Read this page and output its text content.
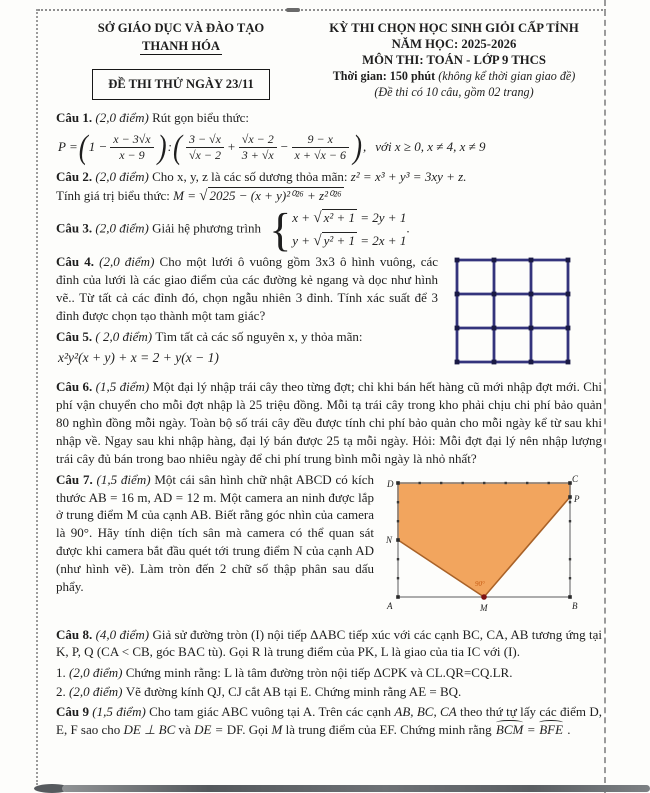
SỞ GIÁO DỤC VÀ ĐÀO TẠO
THANH HÓA
ĐỀ THI THỬ NGÀY 23/11
KỲ THI CHỌN HỌC SINH GIỎI CẤP TỈNH
NĂM HỌC: 2025-2026
MÔN THI: TOÁN - LỚP 9 THCS
Thời gian: 150 phút (không kể thời gian giao đề)
(Đề thi có 10 câu, gồm 02 trang)

Câu 1. (2,0 điểm) Rút gọn biểu thức:

P = ( $1 - \frac{x - 3√x}{x - 9}$ ) : ( $\frac{3 - √x}{√x - 2} + \frac{√x - 2}{3 + √x} - \frac{9 - x}{x + √x - 6}$ ) , với x ≥ 0, x ≠ 4, x ≠ 9

Câu 2. (2,0 điểm) Cho x, y, z là các số dương thỏa mãn: z² = x³ + y³ = 3xy + z.
Tính giá trị biểu thức: M = √ 2025 − (x + y)²⁰²⁶ + z²⁰²⁶

Câu 3. (2,0 điểm) Giải hệ phương trình { x + √ x² + 1 = 2y + 1
y + √ y² + 1 = 2x + 1
.

Câu 4. (2,0 điểm) Cho một lưới ô vuông gồm 3x3 ô hình vuông, các đỉnh của lưới là các giao điểm của các đường kẻ ngang và dọc như hình vẽ.. Từ tất cả các đỉnh đó, chọn ngẫu nhiên 3 đỉnh. Tính xác suất để 3 đỉnh được chọn tạo thành một tam giác?

Câu 5. ( 2,0 điểm) Tìm tất cả các số nguyên x, y thỏa mãn:

x²y²(x + y) + x = 2 + y(x − 1)

Câu 6. (1,5 điểm) Một đại lý nhập trái cây theo từng đợt; chỉ khi bán hết hàng cũ mới nhập đợt mới. Chi phí vận chuyển cho mỗi đợt nhập là 25 triệu đồng. Mỗi tạ trái cây trong kho phải chịu chi phí bảo quản 80 nghìn đồng mỗi ngày. Toàn bộ số trái cây đều được tính chi phí bảo quản cho mỗi ngày kể từ sau khi nhập về. Ngay sau khi nhập hàng, đại lý bán được 25 tạ mỗi ngày. Hỏi: Mỗi đợt đại lý nên nhập lượng trái cây đủ bán trong bao nhiêu ngày để chi phí trung bình mỗi ngày là nhỏ nhất?

90°
D	C
A	B
N
P
M
Câu 7. (1,5 điểm) Một cái sân hình chữ nhật ABCD có kích thước AB = 16 m, AD = 12 m. Một camera an ninh được lắp ở trung điểm M của cạnh AB. Biết rằng góc nhìn của camera là 90°. Hãy tính diện tích sân mà camera có thể quan sát được khi camera bắt đầu quét tới trung điểm N của cạnh AD (như hình vẽ). Làm tròn đến 2 chữ số thập phân sau dấu phẩy.

Câu 8. (4,0 điểm) Giả sử đường tròn (I) nội tiếp ΔABC tiếp xúc với các cạnh BC, CA, AB tương ứng tại K, P, Q (CA < CB, góc BAC tù). Gọi R là trung điểm của PK, L là giao của tia IC với (I).

1. (2,0 điểm) Chứng minh rằng: L là tâm đường tròn nội tiếp ΔCPK và CL.QR=CQ.LR.

2. (2,0 điểm) Vẽ đường kính QJ, CJ cắt AB tại E. Chứng minh rằng AE = BQ.

Câu 9 (1,5 điểm) Cho tam giác ABC vuông tại A. Trên các cạnh AB, BC, CA theo thứ tự lấy các điểm D, E, F sao cho DE ⊥ BC và DE = DF. Gọi M là trung điểm của EF. Chứng minh rằng BCM = BFE .
